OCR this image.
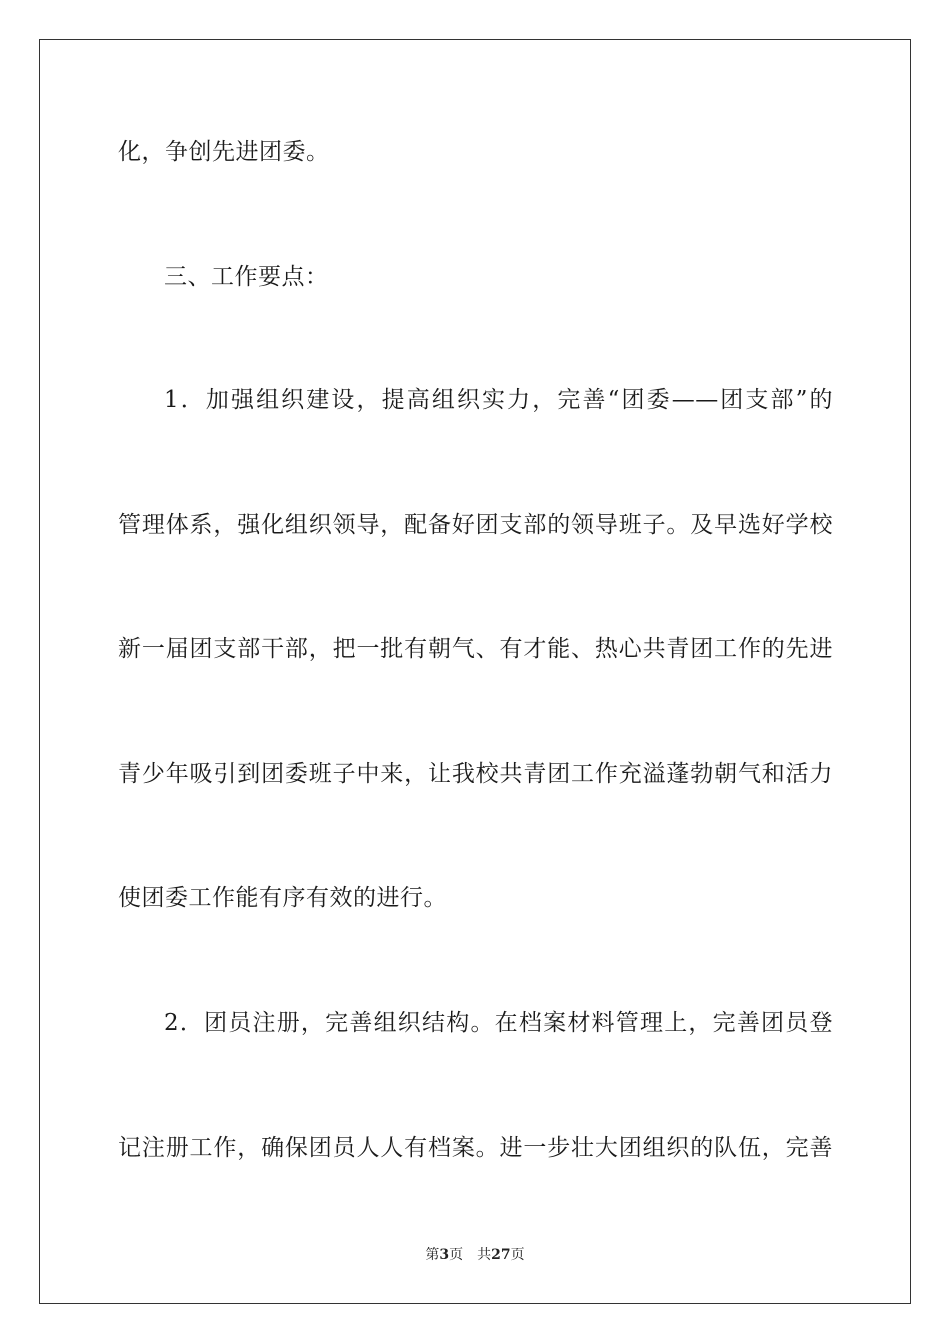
化，争创先进团委。
三、工作要点：
1．加强组织建设，提高组织实力，完善“团委——团支部”的
管理体系，强化组织领导，配备好团支部的领导班子。及早选好学校
新一届团支部干部，把一批有朝气、有才能、热心共青团工作的先进
青少年吸引到团委班子中来，让我校共青团工作充溢蓬勃朝气和活力
使团委工作能有序有效的进行。
2．团员注册，完善组织结构。在档案材料管理上，完善团员登
记注册工作，确保团员人人有档案。进一步壮大团组织的队伍，完善
第3页 共27页
